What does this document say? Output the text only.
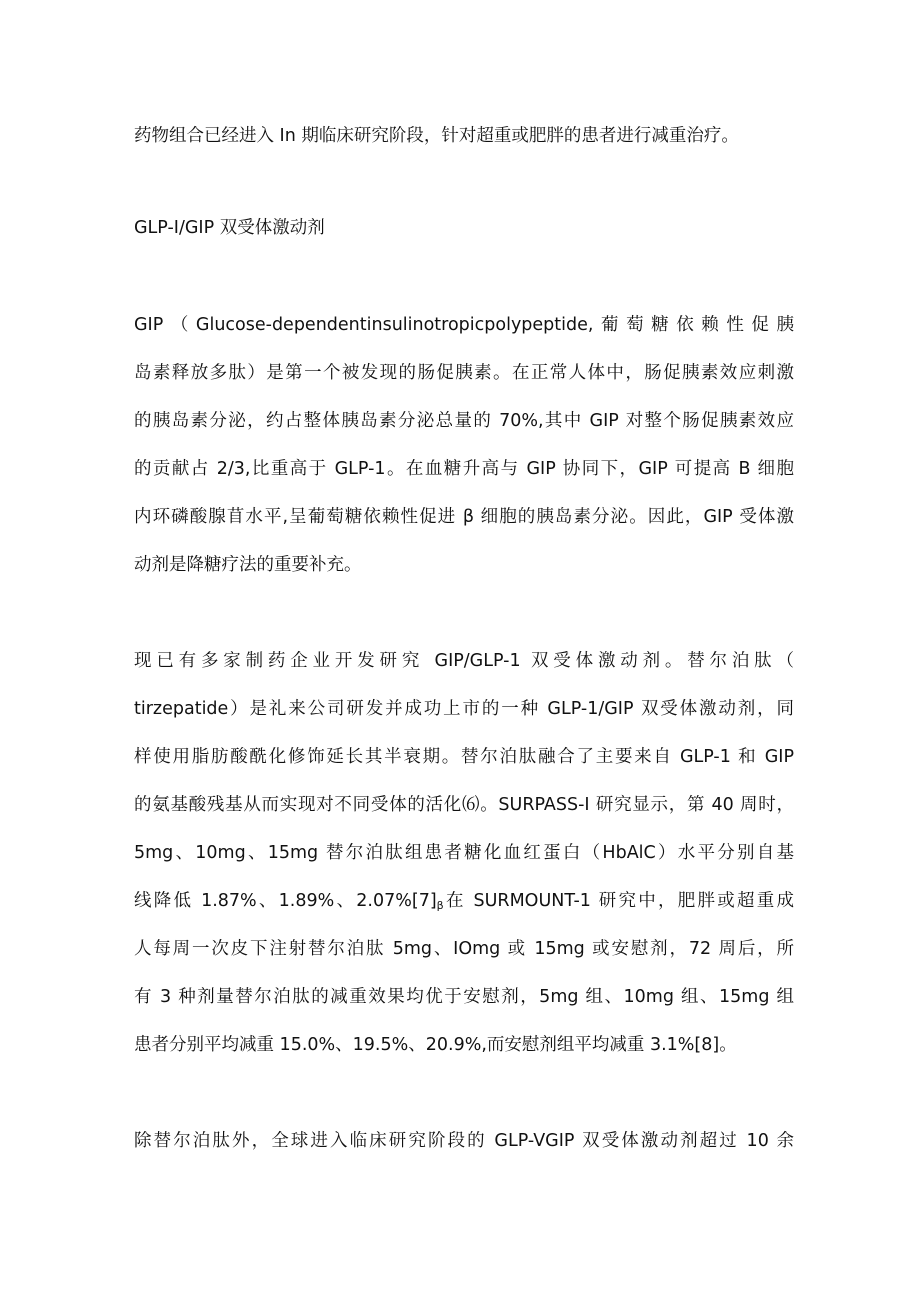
药物组合已经进入 In 期临床研究阶段，针对超重或肥胖的患者进行减重治疗。
GLP-I/GIP 双受体激动剂
GIP（Glucose-dependentinsulinotropicpolypeptide,葡萄糖依赖性促胰
岛素释放多肽）是第一个被发现的肠促胰素。在正常人体中，肠促胰素效应刺激
的胰岛素分泌，约占整体胰岛素分泌总量的 70%,其中 GIP 对整个肠促胰素效应
的贡献占 2/3,比重高于 GLP-1。在血糖升高与 GIP 协同下，GIP 可提高 B 细胞
内环磷酸腺苜水平,呈葡萄糖依赖性促进 β 细胞的胰岛素分泌。因此，GIP 受体激
动剂是降糖疗法的重要补充。
现已有多家制药企业开发研究 GIP/GLP-1 双受体激动剂。替尔泊肽（
tirzepatide）是礼来公司研发并成功上市的一种 GLP-1/GIP 双受体激动剂，同
样使用脂肪酸酰化修饰延长其半衰期。替尔泊肽融合了主要来自 GLP-1 和 GIP
的氨基酸残基从而实现对不同受体的活化⑹。SURPASS-I 研究显示，第 40 周时，
5mg、10mg、15mg 替尔泊肽组患者糖化血红蛋白（HbAlC）水平分别自基
线降低 1.87%、1.89%、$2.07\%[7]_\beta$在 SURMOUNT-1 研究中，肥胖或超重成
人每周一次皮下注射替尔泊肽 5mg、IOmg 或 15mg 或安慰剂，72 周后，所
有 3 种剂量替尔泊肽的减重效果均优于安慰剂，5mg 组、10mg 组、15mg 组
患者分别平均减重 15.0%、19.5%、20.9%,而安慰剂组平均减重 3.1%[8]。
除替尔泊肽外，全球进入临床研究阶段的 GLP-VGIP 双受体激动剂超过 10 余
